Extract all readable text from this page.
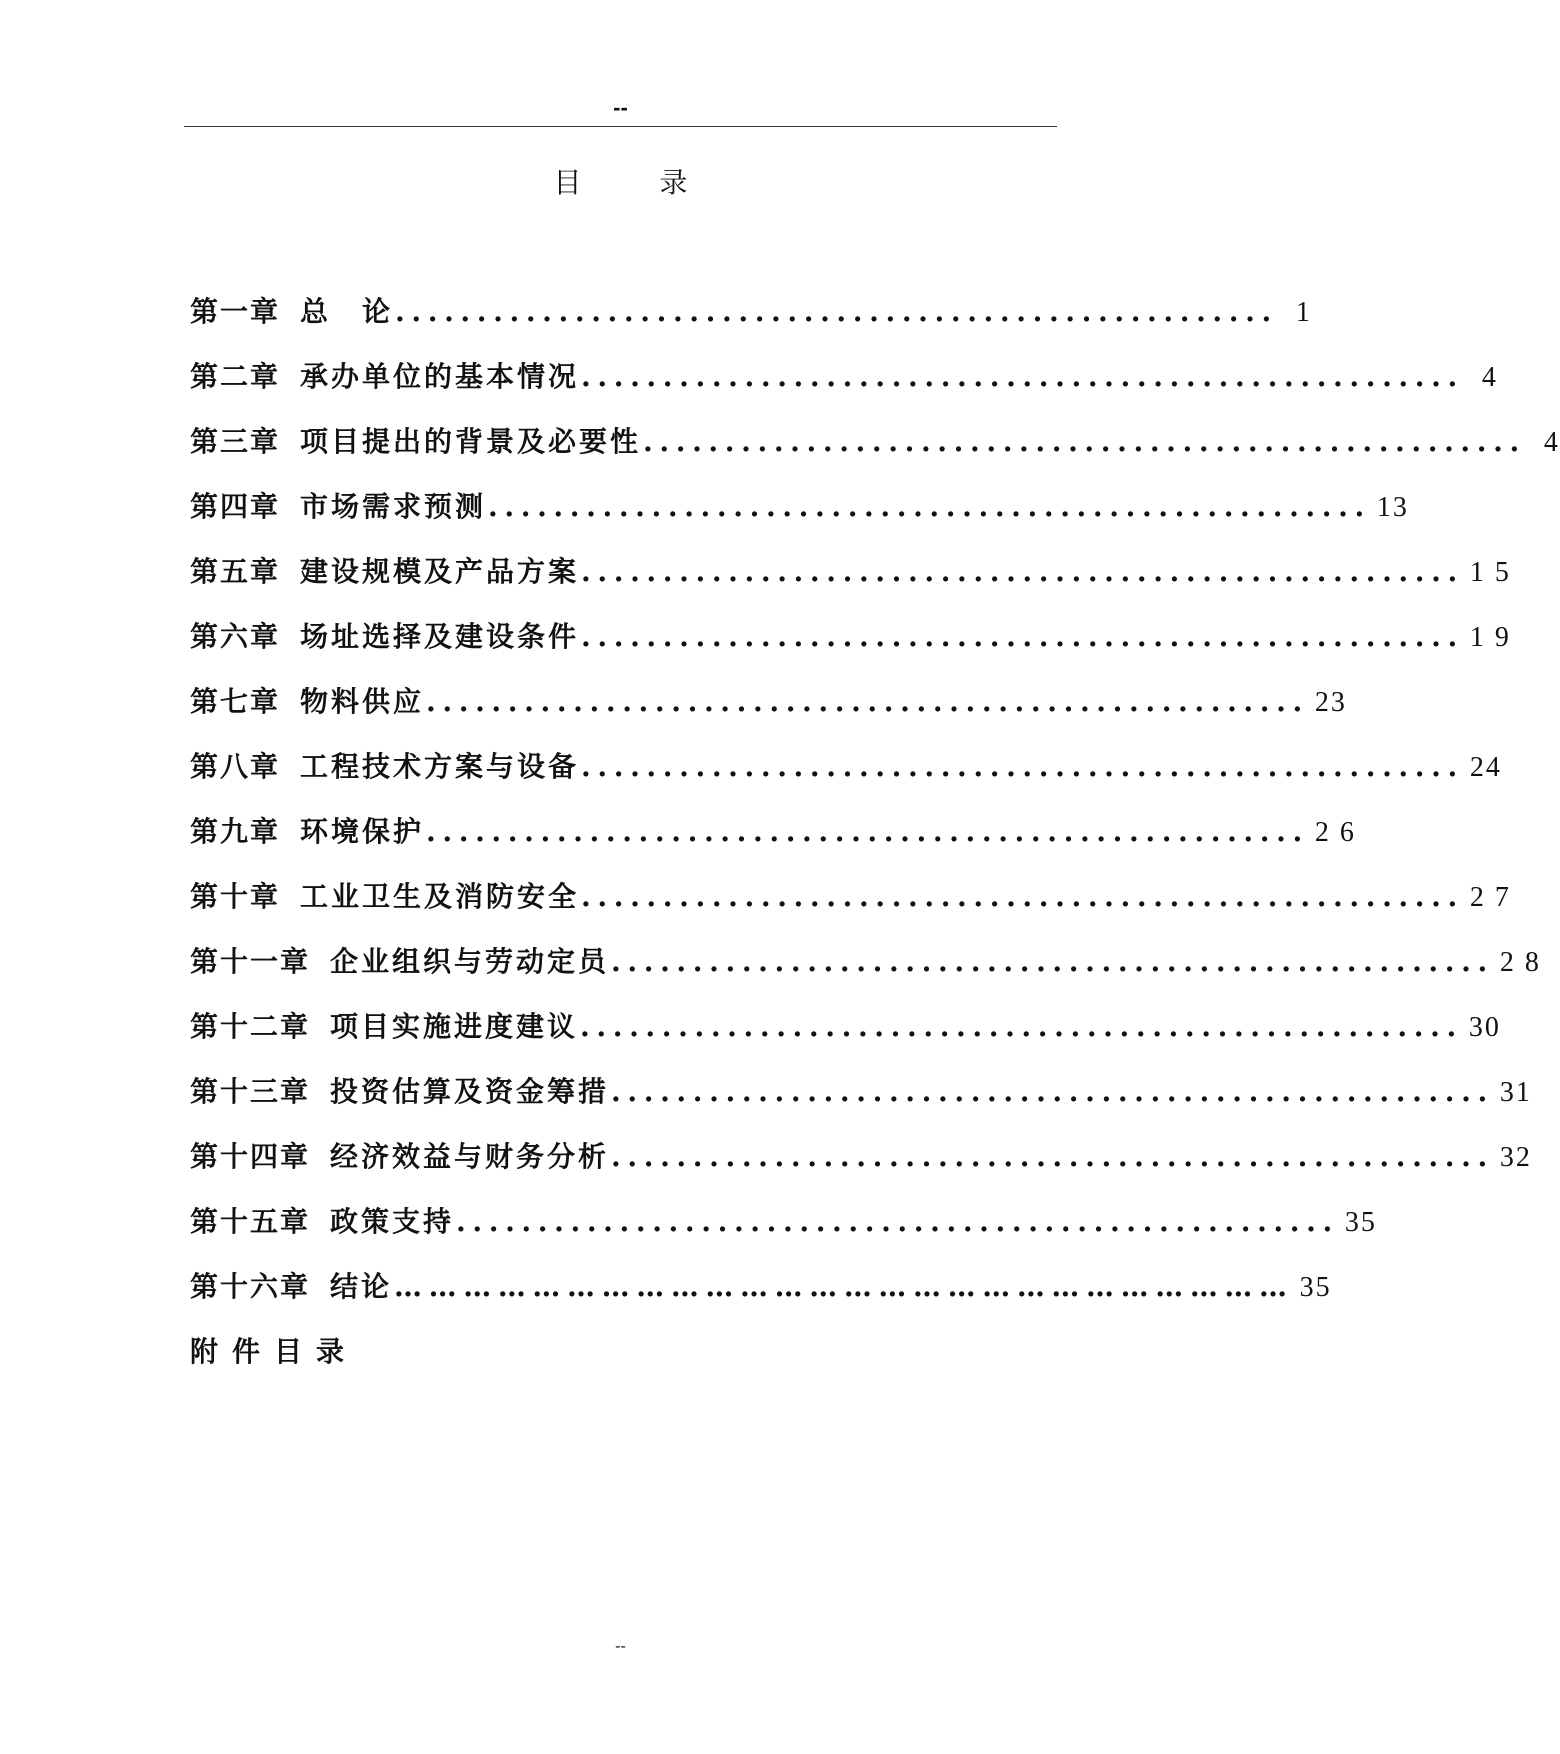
--
目	录
第一章 总　论 ...................................................... 1
第二章 承办单位的基本情况 ...................................................... 4
第三章 项目提出的背景及必要性 ...................................................... 4
第四章 市场需求预测 ...................................................... 13
第五章 建设规模及产品方案 ...................................................... 1 5
第六章 场址选择及建设条件 ...................................................... 1 9
第七章 物料供应 ...................................................... 23
第八章 工程技术方案与设备 ...................................................... 24
第九章 环境保护 ...................................................... 2 6
第十章 工业卫生及消防安全 ...................................................... 2 7
第十一章 企业组织与劳动定员 ...................................................... 2 8
第十二章 项目实施进度建议 ...................................................... 30
第十三章 投资估算及资金筹措 ...................................................... 31
第十四章 经济效益与财务分析 ...................................................... 32
第十五章 政策支持 ...................................................... 35
第十六章 结论 …………………………………………………………………… 35
附件目录
--
